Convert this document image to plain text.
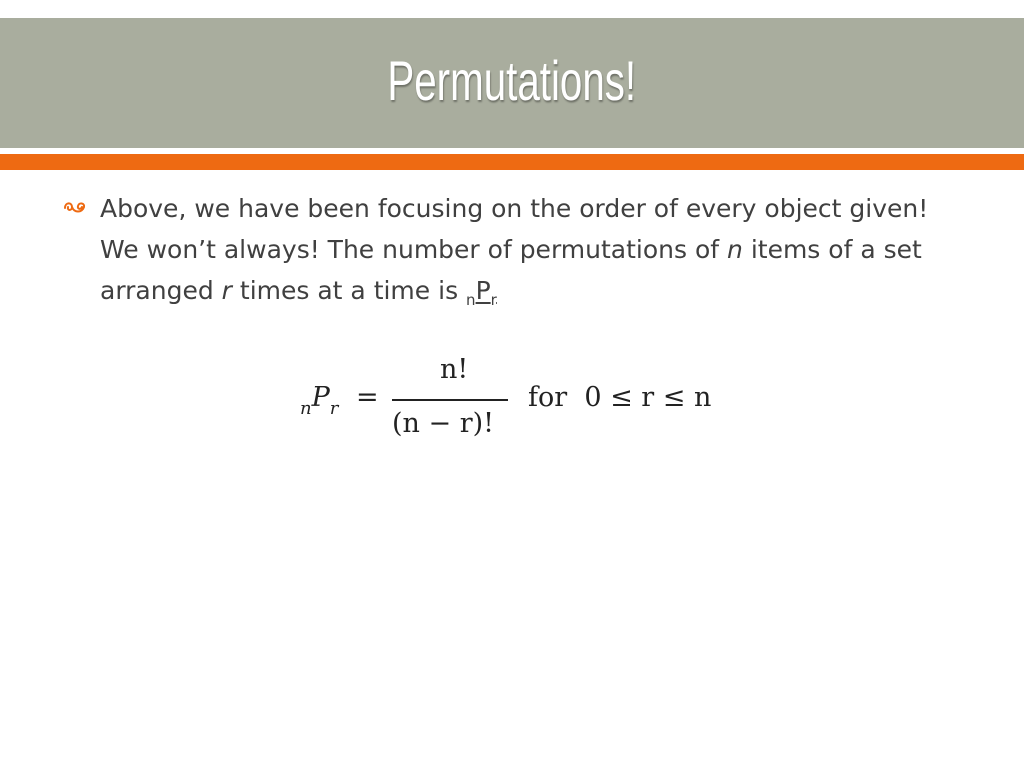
Permutations!
Above, we have been focusing on the order of every object given! We won’t always! The number of permutations of n items of a set arranged r times at a time is $_nP_r$
$_nP_r$ =
n!
(n − r)!
for 0 ≤ r ≤ n
